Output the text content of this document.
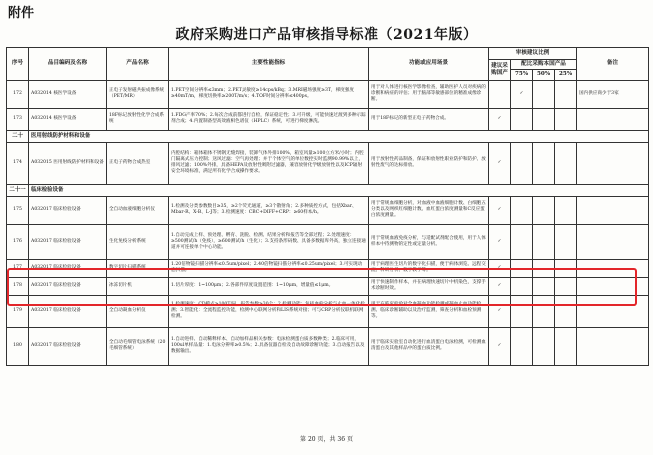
附件
政府采购进口产品审核指导标准（2021年版）
序号	品目编码及名称	产品名称	主要性能指标	功能或应用场景	审核建议比例				备注
					建议采购国产	配比采购本国产品			
						75%	50%	25%	
172	A032014 核医学设备	正电子发射磁共振成像系统（PET/MR）	1.PET空间分辨率≤3mm；2.PET灵敏度≥14cps/kBq；3.MRI磁场强度≥3T，梯度强度≥40mT/m，梯度切换率≥200T/m/s；4.TOF时间分辨率≤400ps。	用于对人体进行核医学影像检查，辅助医护人员对疾病的诊断和病症的评估；用于脑部等敏感部位的精准成像诊断。		✓			国内供应商少于3家
173	A032014 核医学设备	18F标记放射性化学合成系统	1.FDG产率70%；2.每次合成前都进行自检，保证稳定性；3.可升级，可能快速过渡到多种示踪剂合成；4.内置制备型高效液相色谱仪（HPLC）系统，可进行梯度淋洗。	用于18F标记的新型正电子药物合成。	✓				
二十	医用射线防护材料和设备								
174	A032015 医用射线防护材料和设备	正电子药物合成热室	内腔结构：箱体箱体不锈钢无缝焊接，装卸气体外排100%，箱室风量≥100立方米/小时；内腔门隔离式压力控制；送风过滤：空气再处理；并于个体空气的单位数控实时监测90.99%以上，排风过滤；100%外排，具备HEPA及放射性吸附过滤器，兼容放射化学级放射性以及ICP辐射安全环境标准，满足所有化学合成操作要求。	用于放射性药品制备，保证和放射性职业防护和防护、放射性废气的达标排放。	✓				
二十一	临床检验设备								
175	A032017 临床检验设备	全自动血液细胞分析仪	1.检测及分类参数数目≥35，≥2个荧光通道，≥3个散射角；2.多种质控方式，包括Xbar、Mbar-R、X-B、L-J等；3.检测速度：CBC+DIFF+CRP：≥60样本/h。	用于常规血细胞分析，对血液中血液细胞计数、白细胞五分类以及网织红细胞计数、血红蛋白浓度测量和C反应蛋白浓度测量。	✓				
176	A032017 临床检验设备	生化免疫分析系统	1.自动完成上样、预处理、孵育、洗脱、检测、结果分析和报告等全部过程；2.处理速度：≥500测试/h（免疫），≥600测试/h（生化）；3.支持条形码数、具备多数据库外高，独立连接通道并可连接单个中心功能。	用于常规血液免疫分析，与适配试剂配合使用，用于人体样本中待测物的定性或定量分析。	✓				
177	A032017 临床检验设备	数字切片扫描系统	1.20倍物镜扫描分辨率≤0.5um/pixel；2.40倍物镜扫描分辨率≤0.25um/pixel；3.可实现动态扫描。	用于病理医生切片的数字化扫描，便于病体浏览、远程交流、科研分析、数字教学等。	✓				
178	A032017 临床检验设备	冰冻切片机	1.切片厚度：1~100μm；2.各部件厚度设置范围：1~10μm，增量值≤1μm。	用于快速制作样本，并在病理快速切片中机染色，支撑手术诊断时效。	✓				
179	A032017 临床检验设备	全自动凝血分析仪	1.检测速度：CD模式≥100T/H，报告参数≥30个；2.检测功能：包括血栓分析与止血一体化检测；3.智能化：全流程监控功能，检测中心联网分析和LIS系统对接；可与CRP分析仪联机联网检测。	用于在临床检验对全血凝血功能检测或凝血止血功能检测、临床诊断辅助以及治疗监测，筛查分析和血栓预测等。	✓				
180	A032017 临床检验设备	全自动毛细管电泳系统（20毛细管系统）	1.自动进样、自动稀释样本、自动加样品相关参数：电泳检测蛋白质多数种类；2.临床可用，100ul单样品量：1.电泳分辨率≥0.5%；2.具备仪器自检及自动故障诊断功能；3.自动报告以及数据输出。	用于临床实验室自动化进行血清蛋白电泳检测，可检测血清蛋白及其他样品中的蛋白质比例。	✓				
第 20 页，共 36 页
